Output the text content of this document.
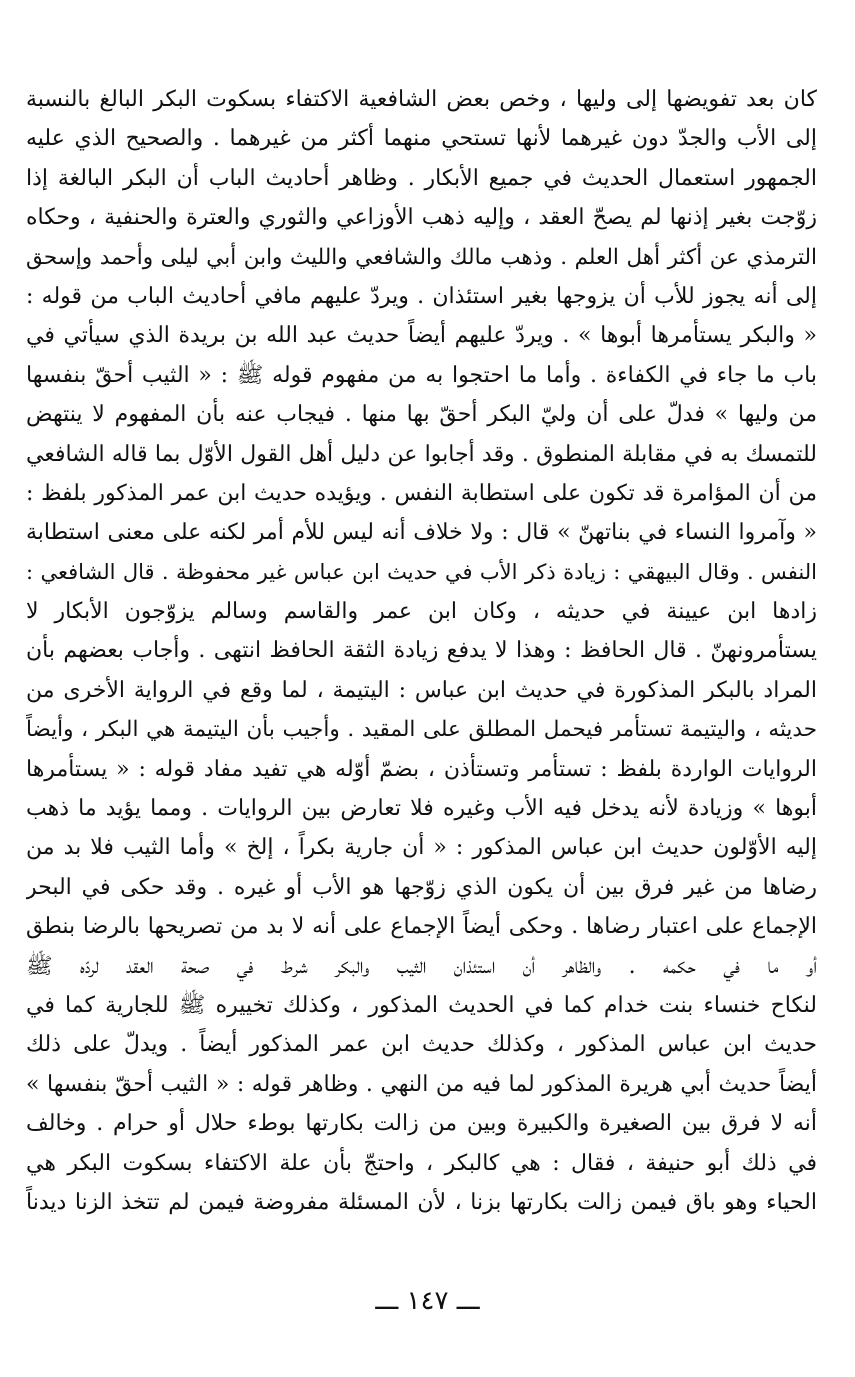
كان بعد تفويضها إلى وليها ، وخص بعض الشافعية الاكتفاء بسكوت البكر البالغ بالنسبة
إلى الأب والجدّ دون غيرهما لأنها تستحي منهما أكثر من غيرهما . والصحيح الذي عليه
الجمهور استعمال الحديث في جميع الأبكار . وظاهر أحاديث الباب أن البكر البالغة إذا
زوّجت بغير إذنها لم يصحّ العقد ، وإليه ذهب الأوزاعي والثوري والعترة والحنفية ، وحكاه
الترمذي عن أكثر أهل العلم . وذهب مالك والشافعي والليث وابن أبي ليلى وأحمد وإسحق
إلى أنه يجوز للأب أن يزوجها بغير استئذان . ويردّ عليهم مافي أحاديث الباب من قوله :
« والبكر يستأمرها أبوها » . ويردّ عليهم أيضاً حديث عبد الله بن بريدة الذي سيأتي في
باب ما جاء في الكفاءة . وأما ما احتجوا به من مفهوم قوله ﷺ : « الثيب أحقّ بنفسها
من وليها » فدلّ على أن وليّ البكر أحقّ بها منها . فيجاب عنه بأن المفهوم لا ينتهض
للتمسك به في مقابلة المنطوق . وقد أجابوا عن دليل أهل القول الأوّل بما قاله الشافعي
من أن المؤامرة قد تكون على استطابة النفس . ويؤيده حديث ابن عمر المذكور بلفظ :
« وآمروا النساء في بناتهنّ » قال : ولا خلاف أنه ليس للأم أمر لكنه على معنى استطابة
النفس . وقال البيهقي : زيادة ذكر الأب في حديث ابن عباس غير محفوظة . قال الشافعي :
زادها ابن عيينة في حديثه ، وكان ابن عمر والقاسم وسالم يزوّجون الأبكار لا
يستأمرونهنّ . قال الحافظ : وهذا لا يدفع زيادة الثقة الحافظ انتهى . وأجاب بعضهم بأن
المراد بالبكر المذكورة في حديث ابن عباس : اليتيمة ، لما وقع في الرواية الأخرى من
حديثه ، واليتيمة تستأمر فيحمل المطلق على المقيد . وأجيب بأن اليتيمة هي البكر ، وأيضاً
الروايات الواردة بلفظ : تستأمر وتستأذن ، بضمّ أوّله هي تفيد مفاد قوله : « يستأمرها
أبوها » وزيادة لأنه يدخل فيه الأب وغيره فلا تعارض بين الروايات . ومما يؤيد ما ذهب
إليه الأوّلون حديث ابن عباس المذكور : « أن جارية بكراً ، إلخ » وأما الثيب فلا بد من
رضاها من غير فرق بين أن يكون الذي زوّجها هو الأب أو غيره . وقد حكى في البحر
الإجماع على اعتبار رضاها . وحكى أيضاً الإجماع على أنه لا بد من تصريحها بالرضا بنطق
أو ما في حكمه . والظاهر أن استئذان الثيب والبكر شرط في صحة العقد لردّه ﷺ
لنكاح خنساء بنت خدام كما في الحديث المذكور ، وكذلك تخييره ﷺ للجارية كما في
حديث ابن عباس المذكور ، وكذلك حديث ابن عمر المذكور أيضاً . ويدلّ على ذلك
أيضاً حديث أبي هريرة المذكور لما فيه من النهي . وظاهر قوله : « الثيب أحقّ بنفسها »
أنه لا فرق بين الصغيرة والكبيرة وبين من زالت بكارتها بوطء حلال أو حرام . وخالف
في ذلك أبو حنيفة ، فقال : هي كالبكر ، واحتجّ بأن علة الاكتفاء بسكوت البكر هي
الحياء وهو باق فيمن زالت بكارتها بزنا ، لأن المسئلة مفروضة فيمن لم تتخذ الزنا ديدناً
ـــ ١٤٧ ـــ
